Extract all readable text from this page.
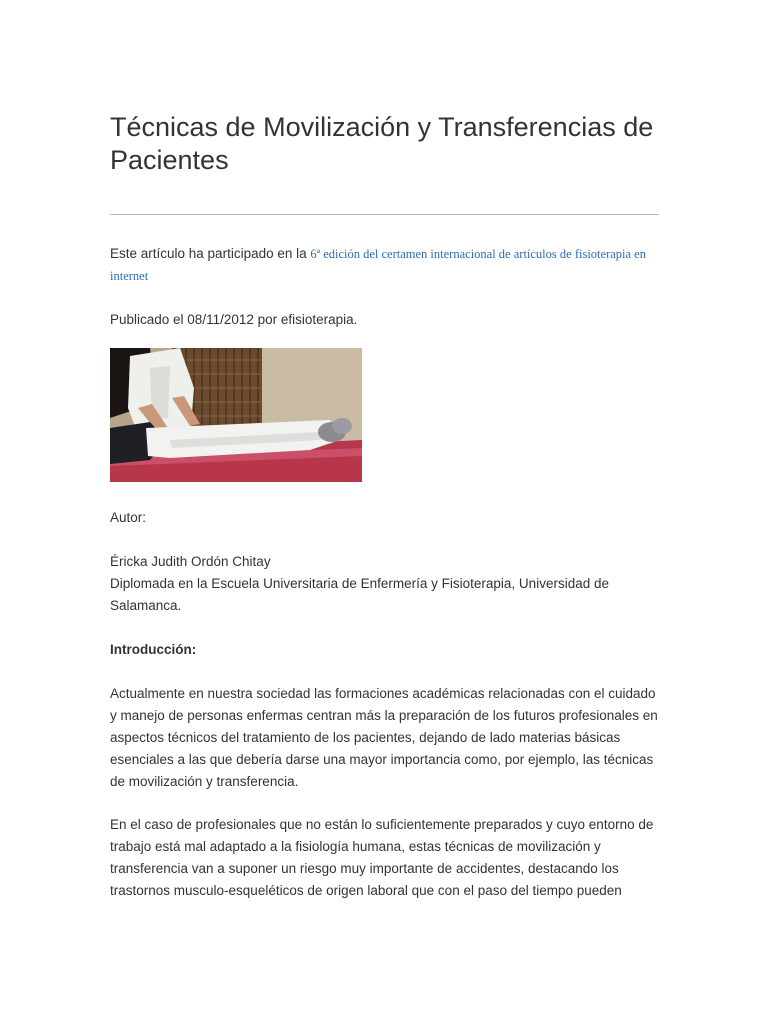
Técnicas de Movilización y Transferencias de Pacientes

Este artículo ha participado en la 6ª edición del certamen internacional de artículos de fisioterapia en internet

Publicado el 08/11/2012 por efisioterapia.

Autor:

Éricka Judith Ordón Chitay
Diplomada en la Escuela Universitaria de Enfermería y Fisioterapia, Universidad de Salamanca.

Introducción:

Actualmente en nuestra sociedad las formaciones académicas relacionadas con el cuidado y manejo de personas enfermas centran más la preparación de los futuros profesionales en aspectos técnicos del tratamiento de los pacientes, dejando de lado materias básicas esenciales a las que debería darse una mayor importancia como, por ejemplo, las técnicas de movilización y transferencia.

En el caso de profesionales que no están lo suficientemente preparados y cuyo entorno de trabajo está mal adaptado a la fisiología humana, estas técnicas de movilización y transferencia van a suponer un riesgo muy importante de accidentes, destacando los trastornos musculo-esqueléticos de origen laboral que con el paso del tiempo pueden
